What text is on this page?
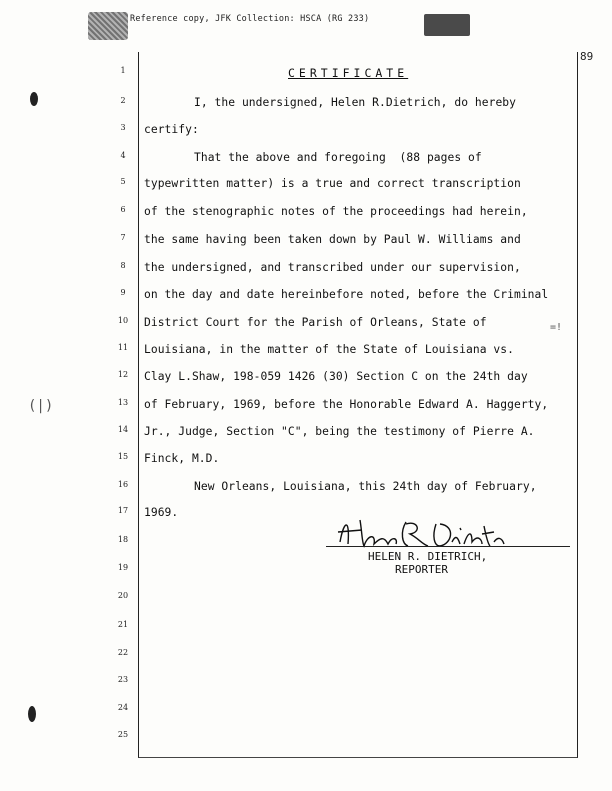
Reference copy, JFK Collection: HSCA (RG 233)
89
(|)
1
2
3
4
5
6
7
8
9
10
11
12
13
14
15
16
17
18
19
20
21
22
23
24
25
CERTIFICATE
I, the undersigned, Helen R.Dietrich, do hereby
certify:
That the above and foregoing  (88 pages of
typewritten matter) is a true and correct transcription
of the stenographic notes of the proceedings had herein,
the same having been taken down by Paul W. Williams and
the undersigned, and transcribed under our supervision,
on the day and date hereinbefore noted, before the Criminal
District Court for the Parish of Orleans, State of
Louisiana, in the matter of the State of Louisiana vs.
Clay L.Shaw, 198-059 1426 (30) Section C on the 24th day
of February, 1969, before the Honorable Edward A. Haggerty,
Jr., Judge, Section "C", being the testimony of Pierre A.
Finck, M.D.
New Orleans, Louisiana, this 24th day of February,
1969.
=!
HELEN R. DIETRICH,
REPORTER
